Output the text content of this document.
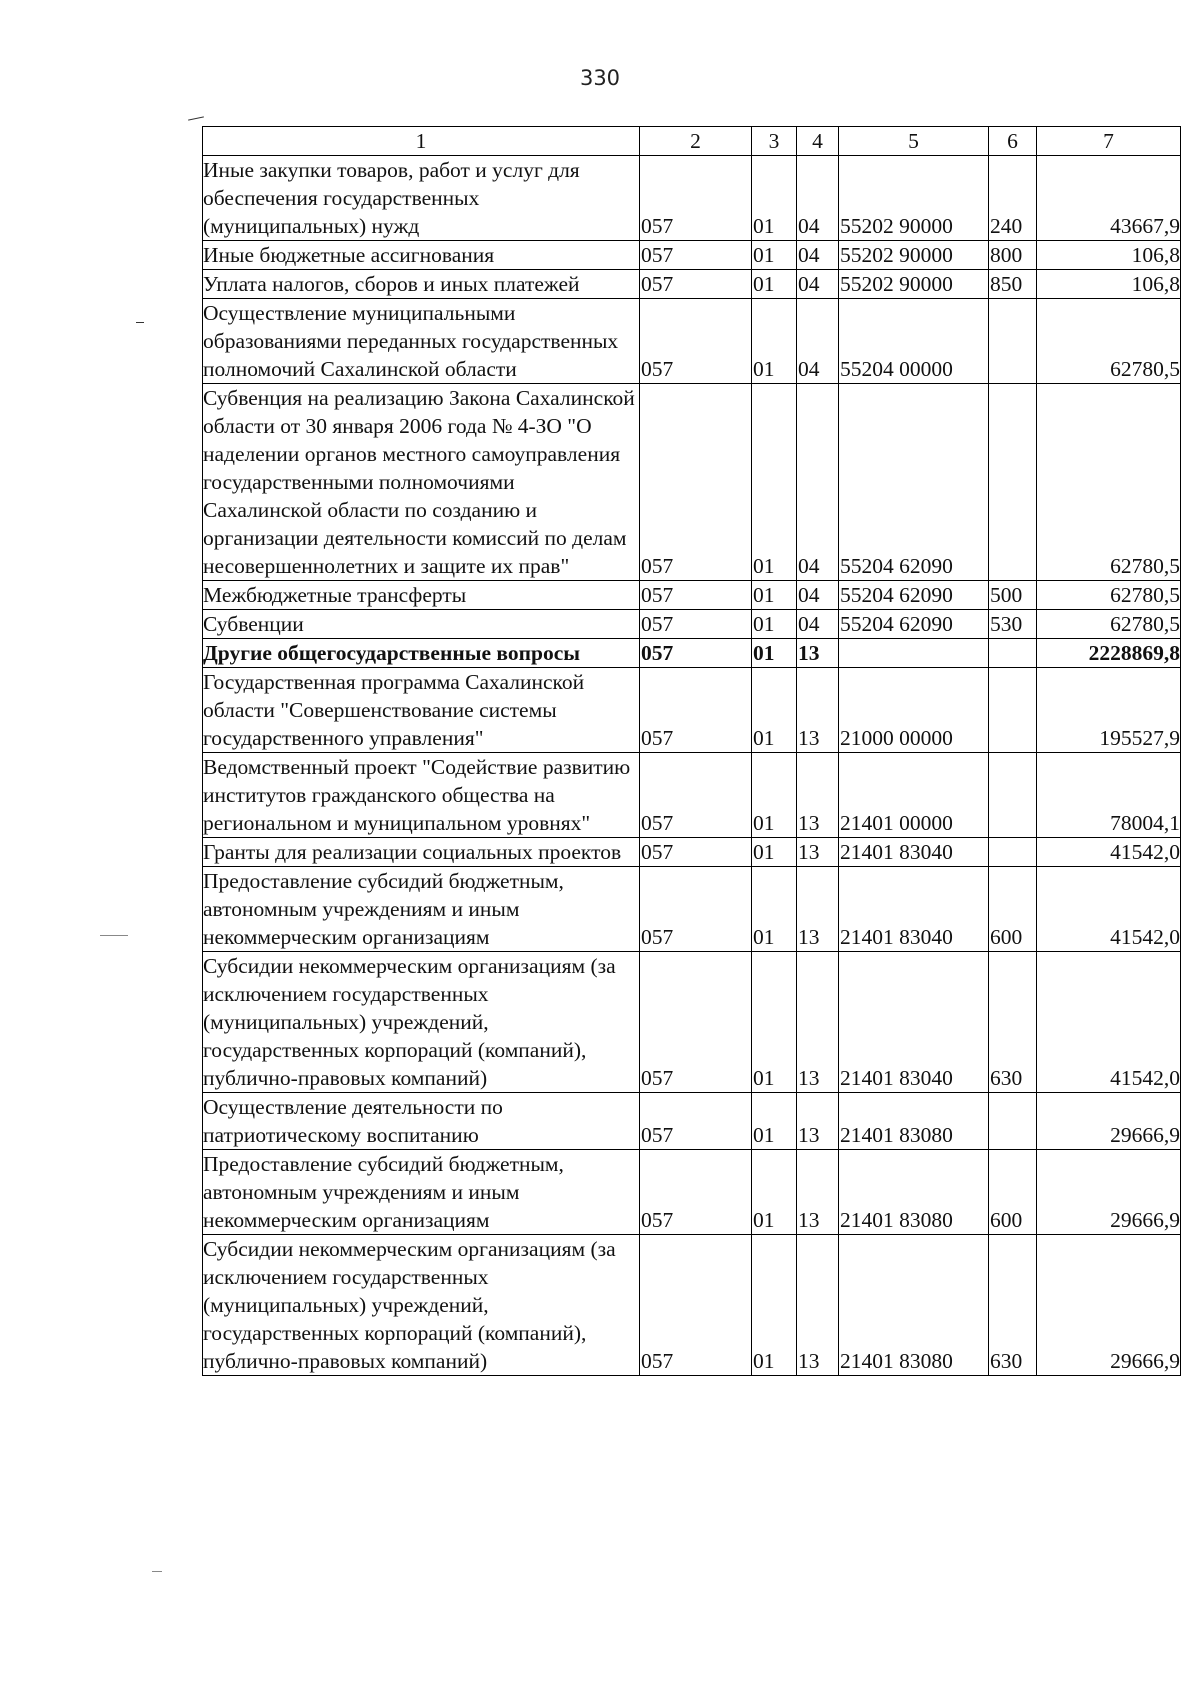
330
1	2	3	4	5	6	7
Иные закупки товаров, работ и услуг для обеспечения государственных (муниципальных) нужд	057	01	04	55202 90000	240	43667,9
Иные бюджетные ассигнования	057	01	04	55202 90000	800	106,8
Уплата налогов, сборов и иных платежей	057	01	04	55202 90000	850	106,8
Осуществление муниципальными образованиями переданных государственных полномочий Сахалинской области	057	01	04	55204 00000		62780,5
Субвенция на реализацию Закона Сахалинской области от 30 января 2006 года № 4-ЗО "О наделении органов местного самоуправления государственными полномочиями Сахалинской области по созданию и организации деятельности комиссий по делам несовершеннолетних и защите их прав"	057	01	04	55204 62090		62780,5
Межбюджетные трансферты	057	01	04	55204 62090	500	62780,5
Субвенции	057	01	04	55204 62090	530	62780,5
Другие общегосударственные вопросы	057	01	13			2228869,8
Государственная программа Сахалинской области "Совершенствование системы государственного управления"	057	01	13	21000 00000		195527,9
Ведомственный проект "Содействие развитию институтов гражданского общества на региональном и муниципальном уровнях"	057	01	13	21401 00000		78004,1
Гранты для реализации социальных проектов	057	01	13	21401 83040		41542,0
Предоставление субсидий бюджетным, автономным учреждениям и иным некоммерческим организациям	057	01	13	21401 83040	600	41542,0
Субсидии некоммерческим организациям (за исключением государственных (муниципальных) учреждений, государственных корпораций (компаний), публично-правовых компаний)	057	01	13	21401 83040	630	41542,0
Осуществление деятельности по патриотическому воспитанию	057	01	13	21401 83080		29666,9
Предоставление субсидий бюджетным, автономным учреждениям и иным некоммерческим организациям	057	01	13	21401 83080	600	29666,9
Субсидии некоммерческим организациям (за исключением государственных (муниципальных) учреждений, государственных корпораций (компаний), публично-правовых компаний)	057	01	13	21401 83080	630	29666,9
